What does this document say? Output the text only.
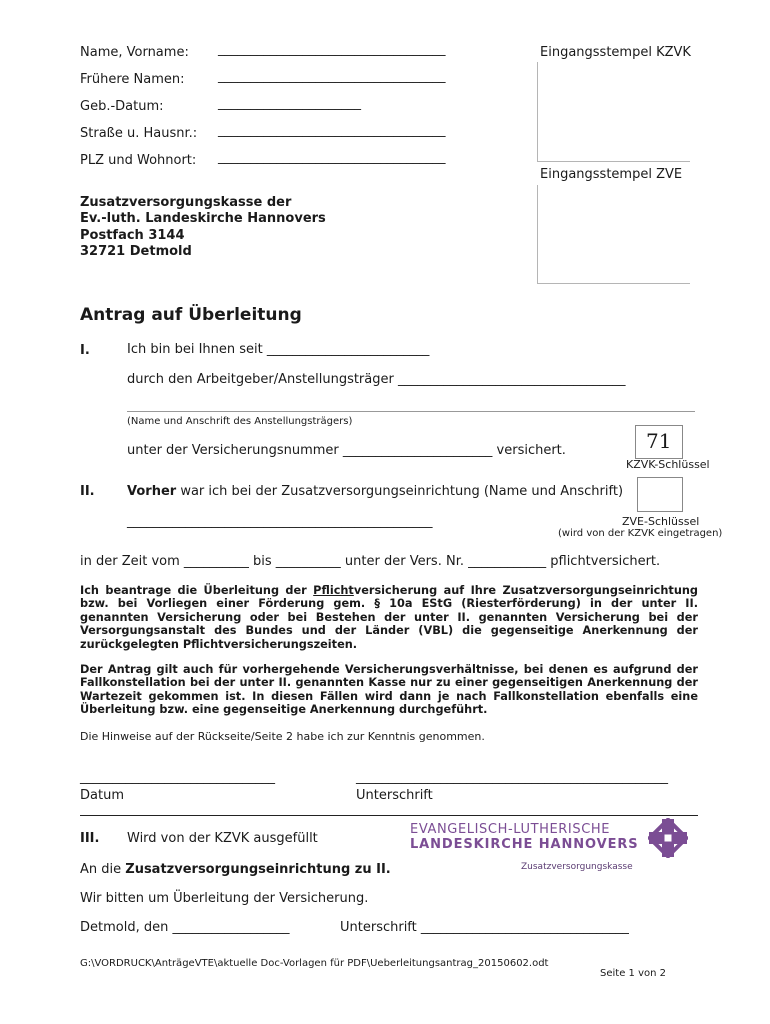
Name, Vorname: ___________________________________
Frühere Namen:	___________________________________
Geb.-Datum:	______________________
Straße u. Hausnr.: ___________________________________
PLZ und Wohnort: ___________________________________
Eingangsstempel KZVK
Eingangsstempel ZVE
Zusatzversorgungskasse der
Ev.-luth. Landeskirche Hannovers
Postfach 3144
32721 Detmold
Antrag auf Überleitung
I.	Ich bin bei Ihnen seit _________________________
durch den Arbeitgeber/Anstellungsträger ___________________________________
(Name und Anschrift des Anstellungsträgers)
unter der Versicherungsnummer _______________________ versichert.	71
KZVK-Schlüssel
II. Vorher war ich bei der Zusatzversorgungseinrichtung (Name und Anschrift)
_______________________________________________	ZVE-Schlüssel
(wird von der KZVK eingetragen)
in der Zeit vom __________ bis __________ unter der Vers. Nr. ____________ pflichtversichert.
Ich beantrage die Überleitung der Pflichtversicherung auf Ihre Zusatzversorgungseinrichtung bzw. bei Vorliegen einer Förderung gem. § 10a EStG (Riesterförderung) in der unter II. genannten Versicherung oder bei Bestehen der unter II. genannten Versicherung bei der Versorgungsanstalt des Bundes und der Länder (VBL) die gegenseitige Anerkennung der zurückgelegten Pflichtversicherungszeiten.
Der Antrag gilt auch für vorhergehende Versicherungsverhältnisse, bei denen es aufgrund der Fallkonstellation bei der unter II. genannten Kasse nur zu einer gegenseitigen Anerkennung der Wartezeit gekommen ist. In diesen Fällen wird dann je nach Fallkonstellation ebenfalls eine Überleitung bzw. eine gegenseitige Anerkennung durchgeführt.
Die Hinweise auf der Rückseite/Seite 2 habe ich zur Kenntnis genommen.
______________________________
Datum
________________________________________________
Unterschrift
III. Wird von der KZVK ausgefüllt
An die Zusatzversorgungseinrichtung zu II.
Wir bitten um Überleitung der Versicherung.
Detmold, den __________________	Unterschrift ________________________________
EVANGELISCH-LUTHERISCHE
LANDESKIRCHE HANNOVERS
Zusatzversorgungskasse
G:\VORDRUCK\AnträgeVTE\aktuelle Doc-Vorlagen für PDF\Ueberleitungsantrag_20150602.odt
Seite 1 von 2
